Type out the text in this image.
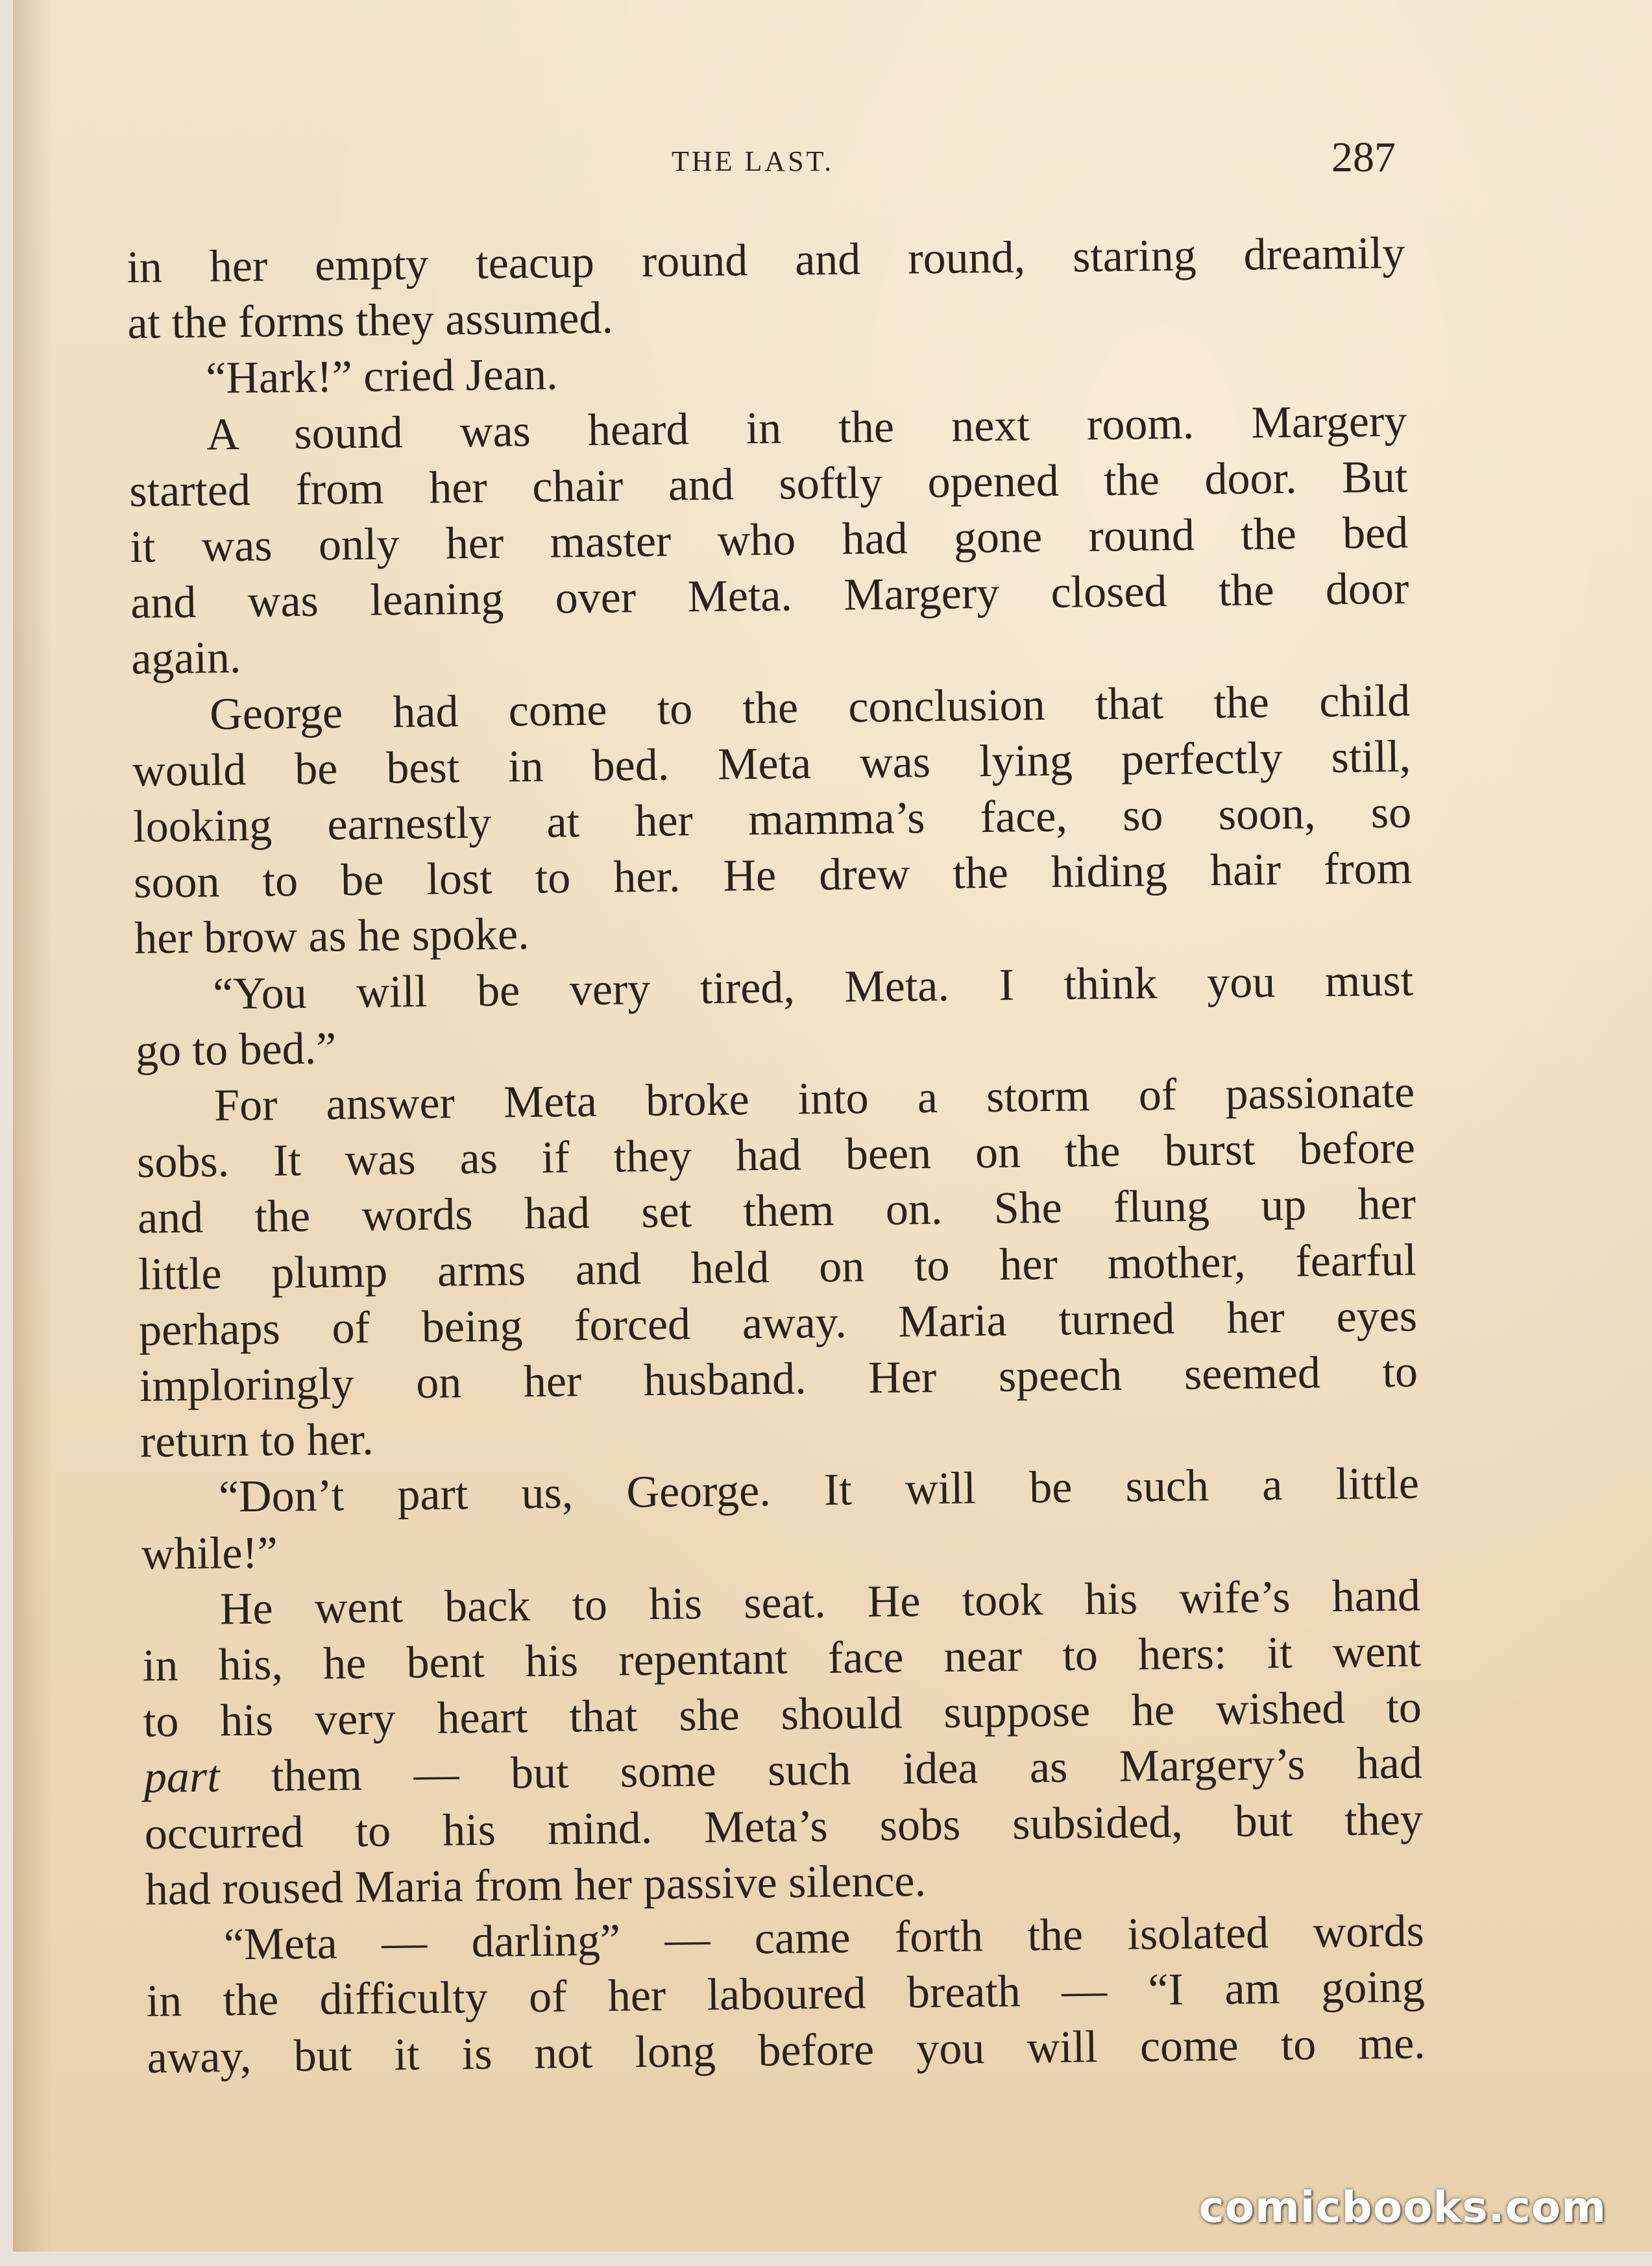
THE LAST.	287
in her empty teacup round and round, staring dreamily
at the forms they assumed.
“Hark!” cried Jean.
A sound was heard in the next room. Margery
started from her chair and softly opened the door. But
it was only her master who had gone round the bed
and was leaning over Meta. Margery closed the door
again.
George had come to the conclusion that the child
would be best in bed. Meta was lying perfectly still,
looking earnestly at her mamma’s face, so soon, so
soon to be lost to her. He drew the hiding hair from
her brow as he spoke.
“You will be very tired, Meta. I think you must
go to bed.”
For answer Meta broke into a storm of passionate
sobs. It was as if they had been on the burst before
and the words had set them on. She flung up her
little plump arms and held on to her mother, fearful
perhaps of being forced away. Maria turned her eyes
imploringly on her husband. Her speech seemed to
return to her.
“Don’t part us, George. It will be such a little
while!”
He went back to his seat. He took his wife’s hand
in his, he bent his repentant face near to hers: it went
to his very heart that she should suppose he wished to
part them — but some such idea as Margery’s had
occurred to his mind. Meta’s sobs subsided, but they
had roused Maria from her passive silence.
“Meta — darling” — came forth the isolated words
in the difficulty of her laboured breath — “I am going
away, but it is not long before you will come to me.
comicbooks.com
